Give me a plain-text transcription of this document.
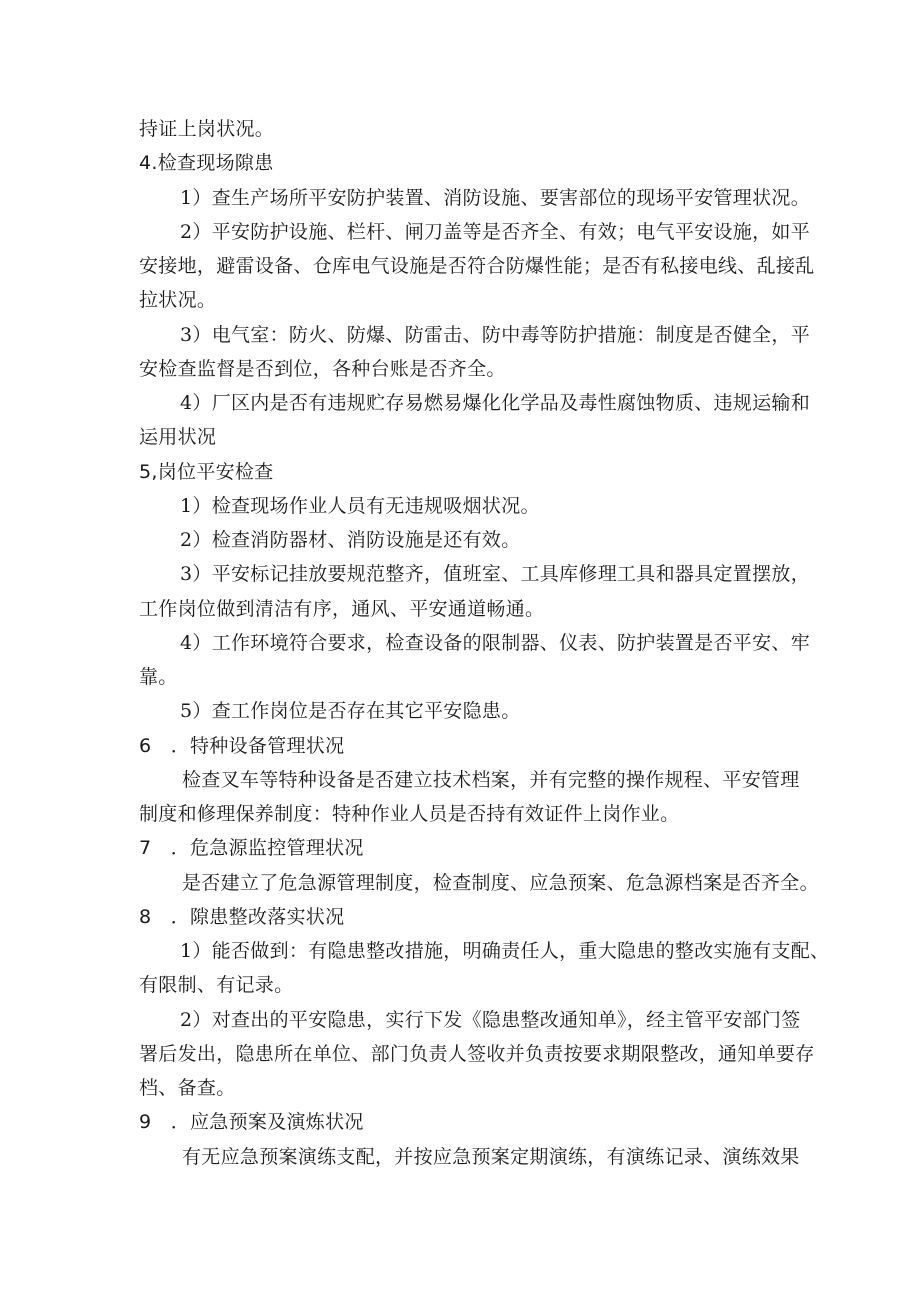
持证上岗状况。
4.检查现场隙患
1）查生产场所平安防护装置、消防设施、要害部位的现场平安管理状况。
2）平安防护设施、栏杆、闸刀盖等是否齐全、有效；电气平安设施，如平
安接地，避雷设备、仓库电气设施是否符合防爆性能；是否有私接电线、乱接乱
拉状况。
3）电气室：防火、防爆、防雷击、防中毒等防护措施：制度是否健全，平
安检查监督是否到位，各种台账是否齐全。
4）厂区内是否有违规贮存易燃易爆化化学品及毒性腐蚀物质、违规运输和
运用状况
5,岗位平安检查
1）检查现场作业人员有无违规吸烟状况。
2）检查消防器材、消防设施是还有效。
3）平安标记挂放要规范整齐，值班室、工具库修理工具和器具定置摆放，
工作岗位做到清洁有序，通风、平安通道畅通。
4）工作环境符合要求，检查设备的限制器、仪表、防护装置是否平安、牢
靠。
5）查工作岗位是否存在其它平安隐患。
6　．特种设备管理状况
检查叉车等特种设备是否建立技术档案，并有完整的操作规程、平安管理
制度和修理保养制度：特种作业人员是否持有效证件上岗作业。
7　．危急源监控管理状况
是否建立了危急源管理制度，检查制度、应急预案、危急源档案是否齐全。
8　．隙患整改落实状况
1）能否做到：有隐患整改措施，明确责任人，重大隐患的整改实施有支配、
有限制、有记录。
2）对查出的平安隐患，实行下发《隐患整改通知单》，经主管平安部门签
署后发出，隐患所在单位、部门负责人签收并负责按要求期限整改，通知单要存
档、备查。
9　．应急预案及演炼状况
有无应急预案演练支配，并按应急预案定期演练，有演练记录、演练效果
